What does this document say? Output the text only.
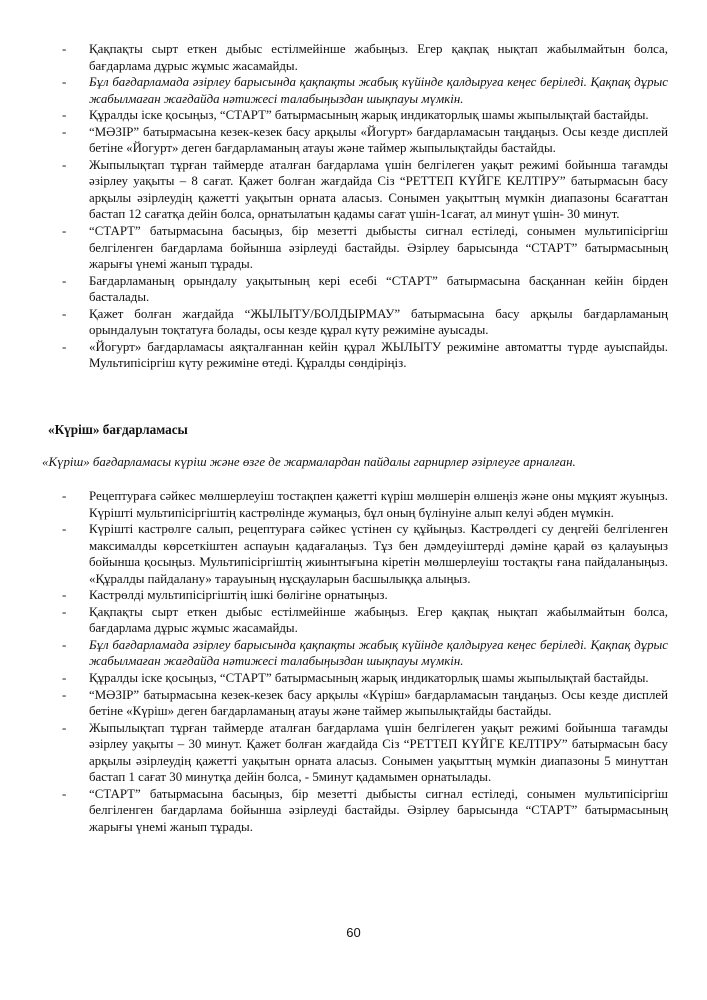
- Қақпақты сырт еткен дыбыс естілмейінше жабыңыз. Егер қақпақ нықтап жабылмайтын болса, бағдарлама дұрыс жұмыс жасамайды.
- Бұл бағдарламада әзірлеу барысында қақпақты жабық күйінде қалдыруға кеңес беріледі. Қақпақ дұрыс жабылмаған жағдайда нәтижесі талабыңыздан шықпауы мүмкін.
- Құралды іске қосыңыз, “СТАРТ” батырмасының жарық индикаторлық шамы жыпылықтай бастайды.
- “МӘЗІР” батырмасына кезек-кезек басу арқылы «Йогурт» бағдарламасын таңдаңыз. Осы кезде дисплей бетіне «Йогурт» деген бағдарламаның атауы және таймер жыпылықтайды бастайды.
- Жыпылықтап тұрған таймерде аталған бағдарлама үшін белгілеген уақыт режимі бойынша тағамды әзірлеу уақыты – 8 сағат. Қажет болған жағдайда Сіз “РЕТТЕП КҮЙГЕ КЕЛТІРУ” батырмасын басу арқылы әзірлеудің қажетті уақытын орната аласыз. Сонымен уақыттың мүмкін диапазоны 6сағаттан бастап 12 сағатқа дейін болса, орнатылатын қадамы сағат үшін-1сағат, ал минут үшін- 30 минут.
- “СТАРТ” батырмасына басыңыз, бір мезетті дыбысты сигнал естіледі, сонымен мультипісіргіш белгіленген бағдарлама бойынша әзірлеуді бастайды. Әзірлеу барысында “СТАРТ” батырмасының жарығы үнемі жанып тұрады.
- Бағдарламаның орындалу уақытының кері есебі “СТАРТ” батырмасына басқаннан кейін бірден басталады.
- Қажет болған жағдайда “ЖЫЛЫТУ/БОЛДЫРМАУ” батырмасына басу арқылы бағдарламаның орындалуын тоқтатуға болады, осы кезде құрал күту режиміне ауысады.
- «Йогурт» бағдарламасы аяқталғаннан кейін құрал ЖЫЛЫТУ режиміне автоматты түрде ауыспайды. Мультипісіргіш күту режиміне өтеді. Құралды сөндіріңіз.
«Күріш» бағдарламасы

«Күріш» бағдарламасы күріш және өзге де жармалардан пайдалы гарнирлер әзірлеуге арналған.

- Рецептураға сәйкес мөлшерлеуіш тостақпен қажетті күріш мөлшерін өлшеңіз және оны мұқият жуыңыз. Күрішті мультипісіргіштің кастрөлінде жумаңыз, бұл оның бүлінуіне алып келуі әбден мүмкін.
- Күрішті кастрөлге салып, рецептураға сәйкес үстінен су құйыңыз. Кастрөлдегі су деңгейі белгіленген максималды көрсеткіштен аспауын қадағалаңыз. Тұз бен дәмдеуіштерді дәміне қарай өз қалауыңыз бойынша қосыңыз. Мультипісіргіштің жиынтығына кіретін мөлшерлеуіш тостақты ғана пайдаланыңыз. «Құралды пайдалану» тарауының нұсқауларын басшылыққа алыңыз.
- Кастрөлді мультипісіргіштің ішкі бөлігіне орнатыңыз.
- Қақпақты сырт еткен дыбыс естілмейінше жабыңыз. Егер қақпақ нықтап жабылмайтын болса, бағдарлама дұрыс жұмыс жасамайды.
- Бұл бағдарламада әзірлеу барысында қақпақты жабық күйінде қалдыруға кеңес беріледі. Қақпақ дұрыс жабылмаған жағдайда нәтижесі талабыңыздан шықпауы мүмкін.
- Құралды іске қосыңыз, “СТАРТ” батырмасының жарық индикаторлық шамы жыпылықтай бастайды.
- “МӘЗІР” батырмасына кезек-кезек басу арқылы «Күріш» бағдарламасын таңдаңыз. Осы кезде дисплей бетіне «Күріш» деген бағдарламаның атауы және таймер жыпылықтайды бастайды.
- Жыпылықтап тұрған таймерде аталған бағдарлама үшін белгілеген уақыт режимі бойынша тағамды әзірлеу уақыты – 30 минут. Қажет болған жағдайда Сіз “РЕТТЕП КҮЙГЕ КЕЛТІРУ” батырмасын басу арқылы әзірлеудің қажетті уақытын орната аласыз. Сонымен уақыттың мүмкін диапазоны 5 минуттан бастап 1 сағат 30 минутқа дейін болса, - 5минут қадамымен орнатылады.
- “СТАРТ” батырмасына басыңыз, бір мезетті дыбысты сигнал естіледі, сонымен мультипісіргіш белгіленген бағдарлама бойынша әзірлеуді бастайды. Әзірлеу барысында “СТАРТ” батырмасының жарығы үнемі жанып тұрады.
60
